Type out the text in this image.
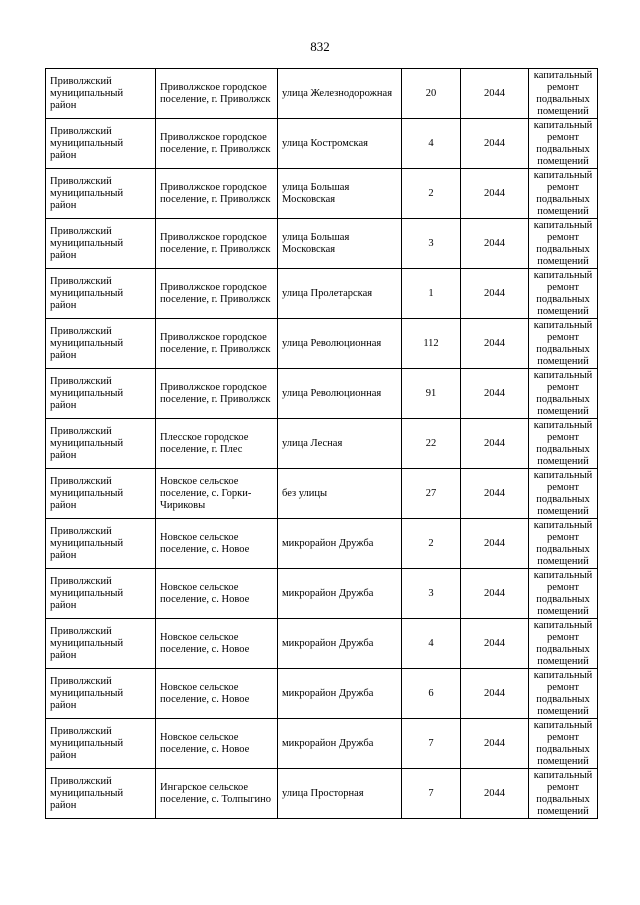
832
Приволжский муниципальный район	Приволжское городское поселение, г. Приволжск	улица Железнодорожная	20	2044	капитальный ремонт подвальных помещений
Приволжский муниципальный район	Приволжское городское поселение, г. Приволжск	улица Костромская	4	2044	капитальный ремонт подвальных помещений
Приволжский муниципальный район	Приволжское городское поселение, г. Приволжск	улица Большая Московская	2	2044	капитальный ремонт подвальных помещений
Приволжский муниципальный район	Приволжское городское поселение, г. Приволжск	улица Большая Московская	3	2044	капитальный ремонт подвальных помещений
Приволжский муниципальный район	Приволжское городское поселение, г. Приволжск	улица Пролетарская	1	2044	капитальный ремонт подвальных помещений
Приволжский муниципальный район	Приволжское городское поселение, г. Приволжск	улица Революционная	112	2044	капитальный ремонт подвальных помещений
Приволжский муниципальный район	Приволжское городское поселение, г. Приволжск	улица Революционная	91	2044	капитальный ремонт подвальных помещений
Приволжский муниципальный район	Плесское городское поселение, г. Плес	улица Лесная	22	2044	капитальный ремонт подвальных помещений
Приволжский муниципальный район	Новское сельское поселение, с. Горки-Чириковы	без улицы	27	2044	капитальный ремонт подвальных помещений
Приволжский муниципальный район	Новское сельское поселение, с. Новое	микрорайон Дружба	2	2044	капитальный ремонт подвальных помещений
Приволжский муниципальный район	Новское сельское поселение, с. Новое	микрорайон Дружба	3	2044	капитальный ремонт подвальных помещений
Приволжский муниципальный район	Новское сельское поселение, с. Новое	микрорайон Дружба	4	2044	капитальный ремонт подвальных помещений
Приволжский муниципальный район	Новское сельское поселение, с. Новое	микрорайон Дружба	6	2044	капитальный ремонт подвальных помещений
Приволжский муниципальный район	Новское сельское поселение, с. Новое	микрорайон Дружба	7	2044	капитальный ремонт подвальных помещений
Приволжский муниципальный район	Ингарское сельское поселение, с. Толпыгино	улица Просторная	7	2044	капитальный ремонт подвальных помещений
